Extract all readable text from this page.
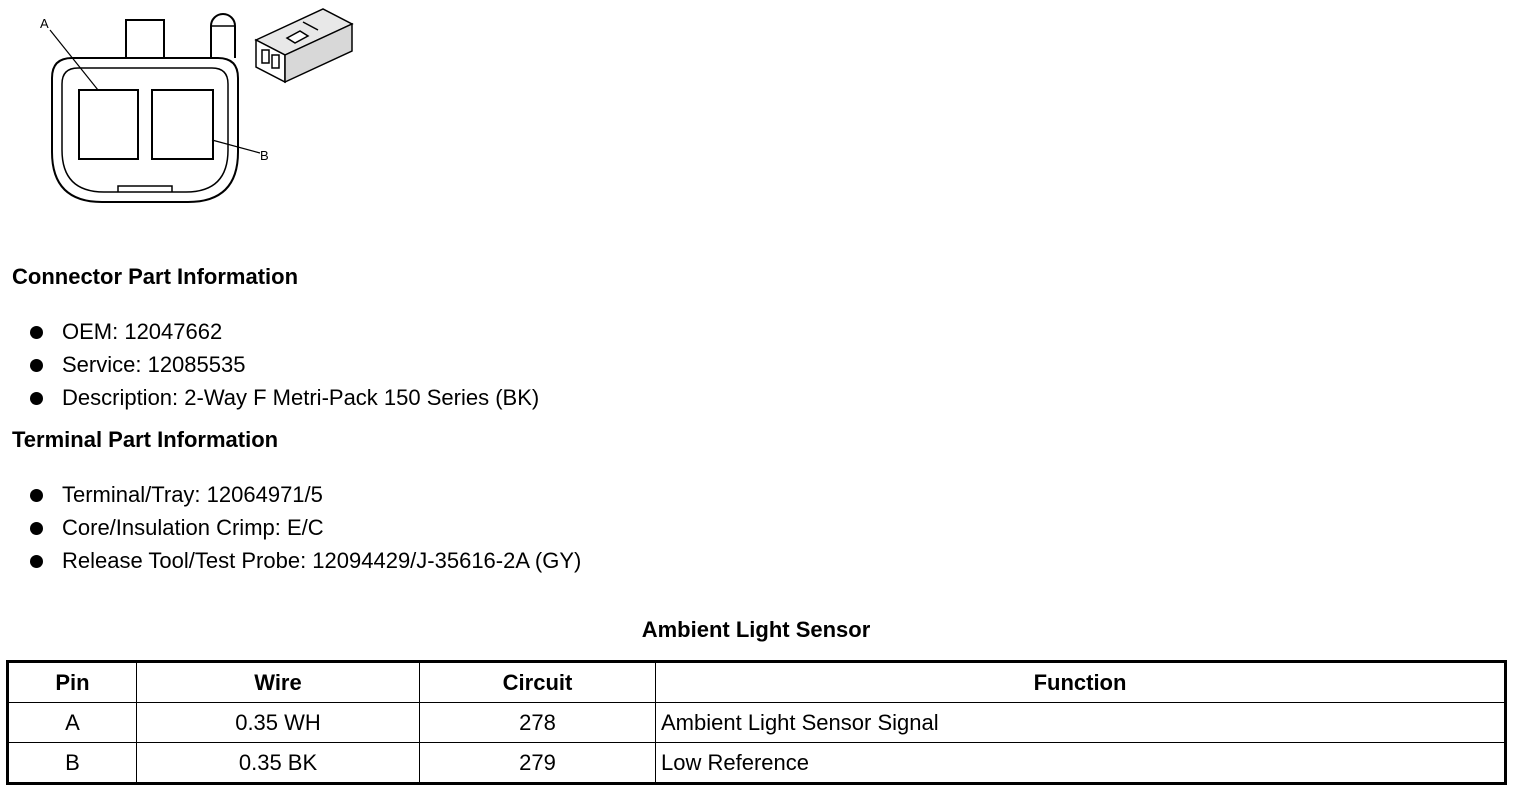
A
B
Connector Part Information
OEM: 12047662
Service: 12085535
Description: 2-Way F Metri-Pack 150 Series (BK)
Terminal Part Information
Terminal/Tray: 12064971/5
Core/Insulation Crimp: E/C
Release Tool/Test Probe: 12094429/J-35616-2A (GY)
Ambient Light Sensor
Pin	Wire	Circuit	Function
A	0.35 WH	278	Ambient Light Sensor Signal
B	0.35 BK	279	Low Reference
